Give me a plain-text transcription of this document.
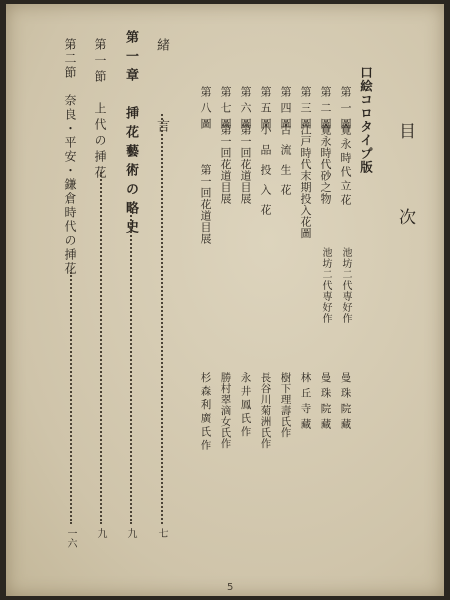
目　次
口絵コロタイプ版
第一圖
寛永時代立花
池坊二代専好作
曼珠院藏
第二圖
寛永時代砂之物
池坊二代専好作
曼珠院藏
第三圖
江戸時代末期投入花圖
林丘寺藏
第四圖
古流生花
樹下理壽氏作
第五圖
小品投入花
長谷川菊洲氏作
第六圖
第一回花道目展
永井鳳氏作
第七圖
第一回花道目展
勝村翠滴女氏作
第八圖
第一回花道目展
杉森利廣氏作
緒　　言
七
第一章　挿花藝術の略史
九
第一節　上代の挿花
九
第二節　奈良・平安・鎌倉時代の挿花
一六
5
